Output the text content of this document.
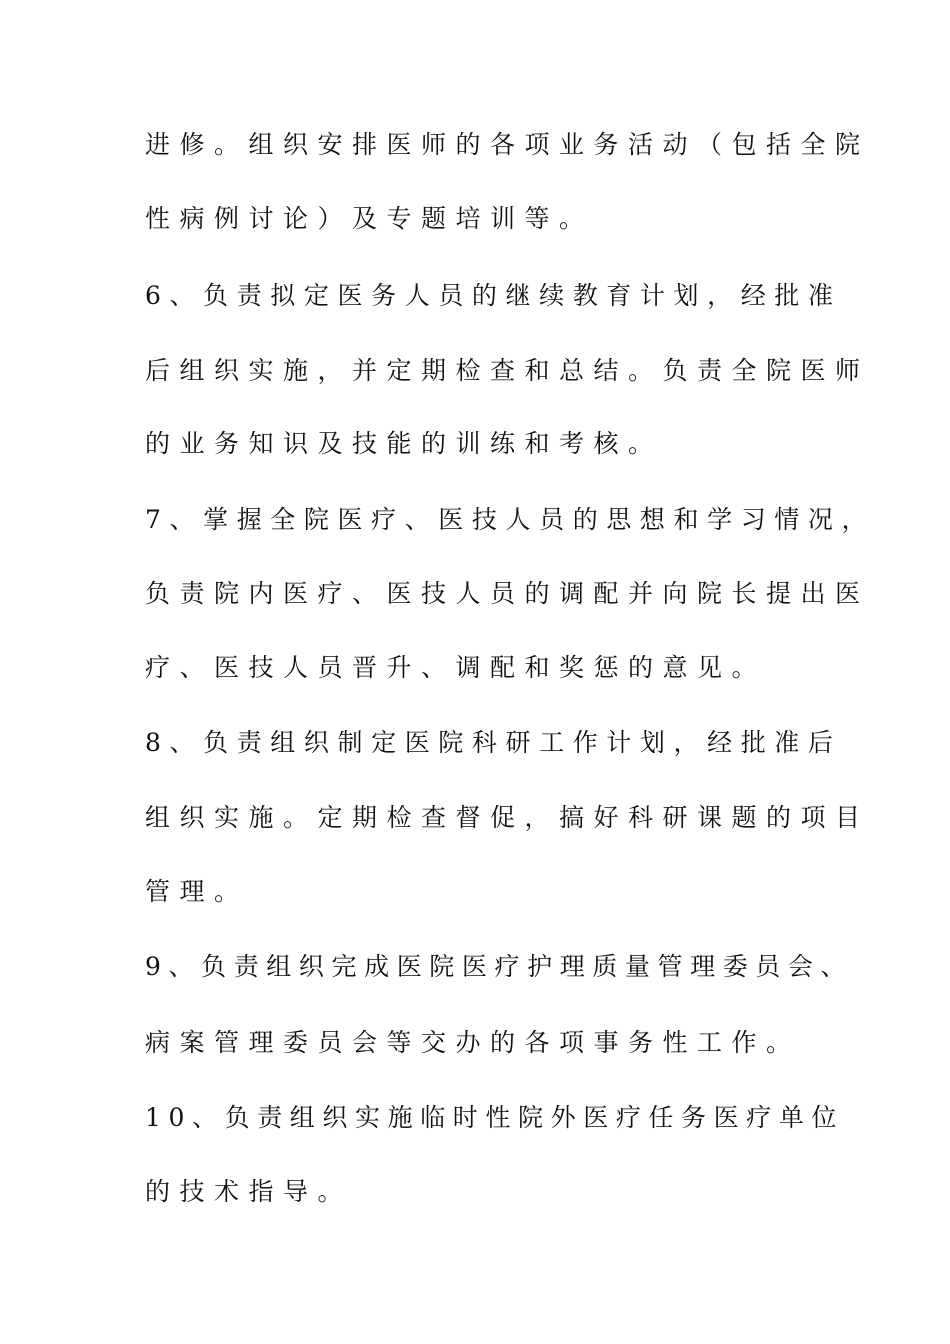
进修。组织安排医师的各项业务活动（包括全院
性病例讨论）及专题培训等。
6、负责拟定医务人员的继续教育计划，经批准
后组织实施，并定期检查和总结。负责全院医师
的业务知识及技能的训练和考核。
7、掌握全院医疗、医技人员的思想和学习情况，
负责院内医疗、医技人员的调配并向院长提出医
疗、医技人员晋升、调配和奖惩的意见。
8、负责组织制定医院科研工作计划，经批准后
组织实施。定期检查督促，搞好科研课题的项目
管理。
9、负责组织完成医院医疗护理质量管理委员会、
病案管理委员会等交办的各项事务性工作。
10、负责组织实施临时性院外医疗任务医疗单位
的技术指导。
